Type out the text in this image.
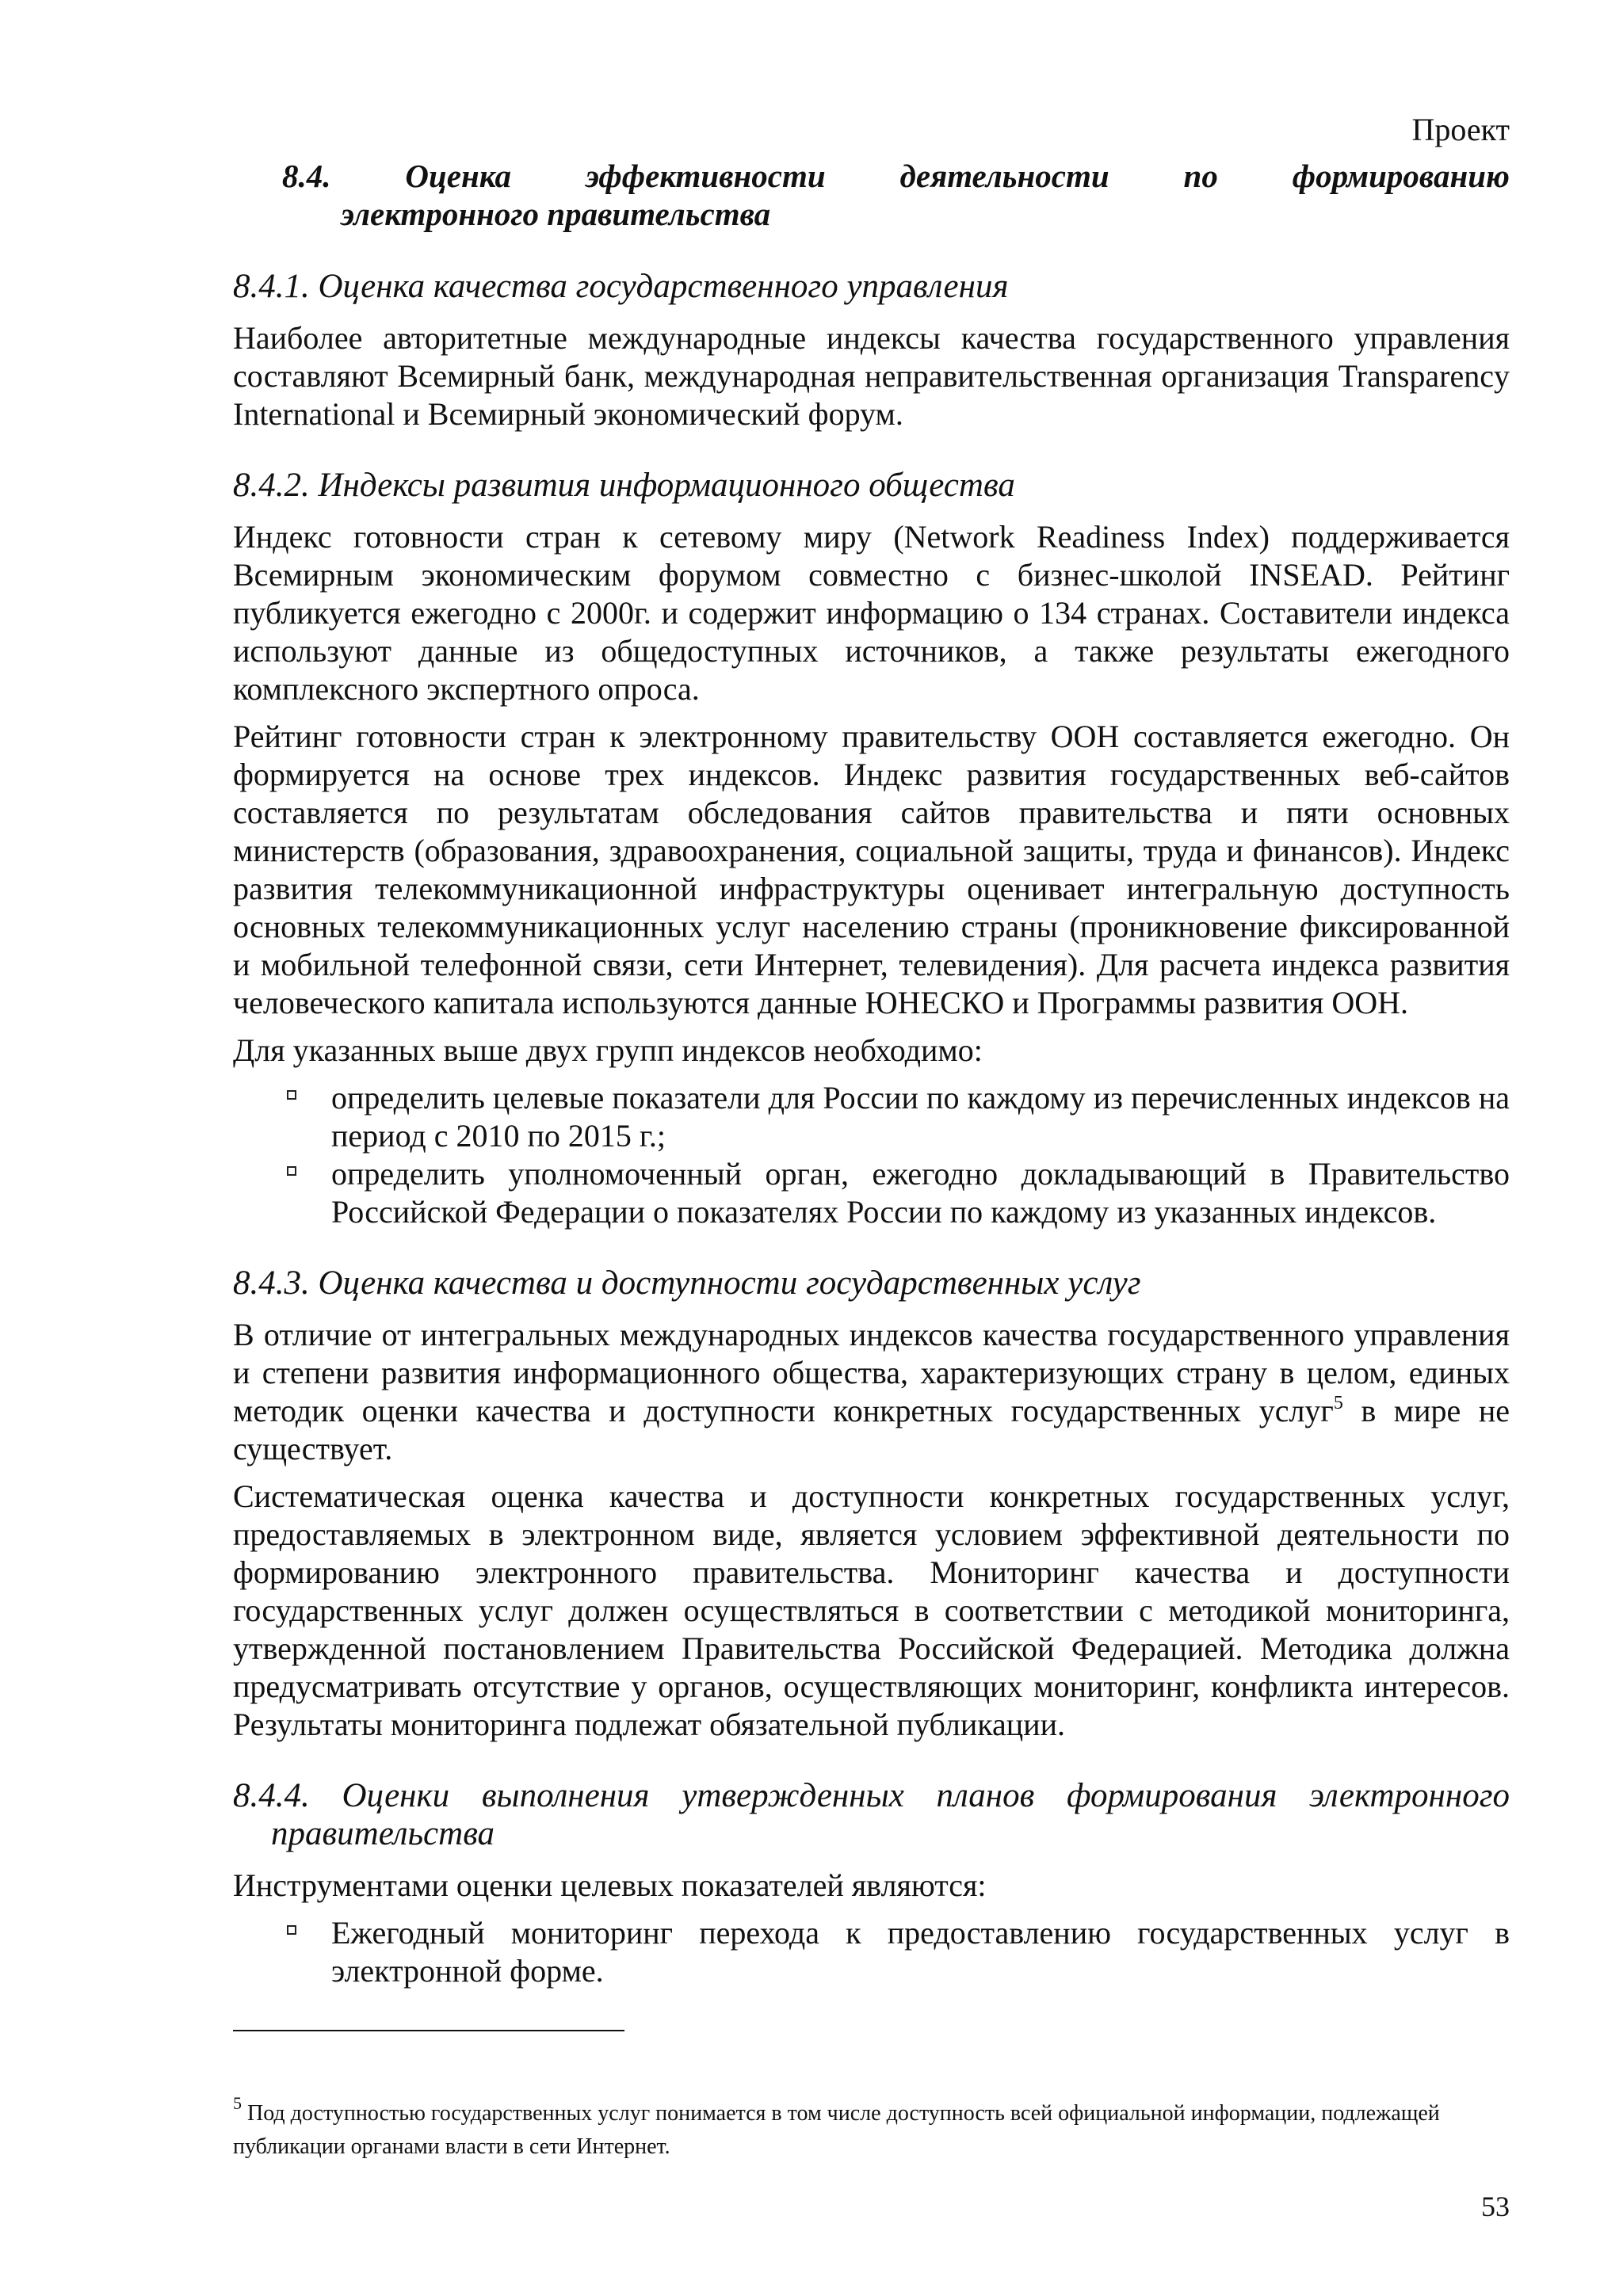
Проект
8.4. Оценка эффективности деятельности по формированию
электронного правительства
8.4.1. Оценка качества государственного управления

Наиболее авторитетные международные индексы качества государственного управления составляют Всемирный банк, международная неправительственная организация Transparency International и Всемирный экономический форум.

8.4.2. Индексы развития информационного общества

Индекс готовности стран к сетевому миру (Network Readiness Index) поддерживается Всемирным экономическим форумом совместно с бизнес-школой INSEAD. Рейтинг публикуется ежегодно с 2000г. и содержит информацию о 134 странах. Составители индекса используют данные из общедоступных источников, а также результаты ежегодного комплексного экспертного опроса.

Рейтинг готовности стран к электронному правительству ООН составляется ежегодно. Он формируется на основе трех индексов. Индекс развития государственных веб-сайтов составляется по результатам обследования сайтов правительства и пяти основных министерств (образования, здравоохранения, социальной защиты, труда и финансов). Индекс развития телекоммуникационной инфраструктуры оценивает интегральную доступность основных телекоммуникационных услуг населению страны (проникновение фиксированной и мобильной телефонной связи, сети Интернет, телевидения). Для расчета индекса развития человеческого капитала используются данные ЮНЕСКО и Программы развития ООН.

Для указанных выше двух групп индексов необходимо:

определить целевые показатели для России по каждому из перечисленных индексов на период с 2010 по 2015 г.;
определить уполномоченный орган, ежегодно докладывающий в Правительство Российской Федерации о показателях России по каждому из указанных индексов.
8.4.3. Оценка качества и доступности государственных услуг

В отличие от интегральных международных индексов качества государственного управления и степени развития информационного общества, характеризующих страну в целом, единых методик оценки качества и доступности конкретных государственных услуг$^5$ в мире не существует.

Систематическая оценка качества и доступности конкретных государственных услуг, предоставляемых в электронном виде, является условием эффективной деятельности по формированию электронного правительства. Мониторинг качества и доступности государственных услуг должен осуществляться в соответствии с методикой мониторинга, утвержденной постановлением Правительства Российской Федерацией. Методика должна предусматривать отсутствие у органов, осуществляющих мониторинг, конфликта интересов. Результаты мониторинга подлежат обязательной публикации.

8.4.4. Оценки выполнения утвержденных планов формирования электронного правительства

Инструментами оценки целевых показателей являются:

Ежегодный мониторинг перехода к предоставлению государственных услуг в электронной форме.

$^5$ Под доступностью государственных услуг понимается в том числе доступность всей официальной информации, подлежащей публикации органами власти в сети Интернет.

53
